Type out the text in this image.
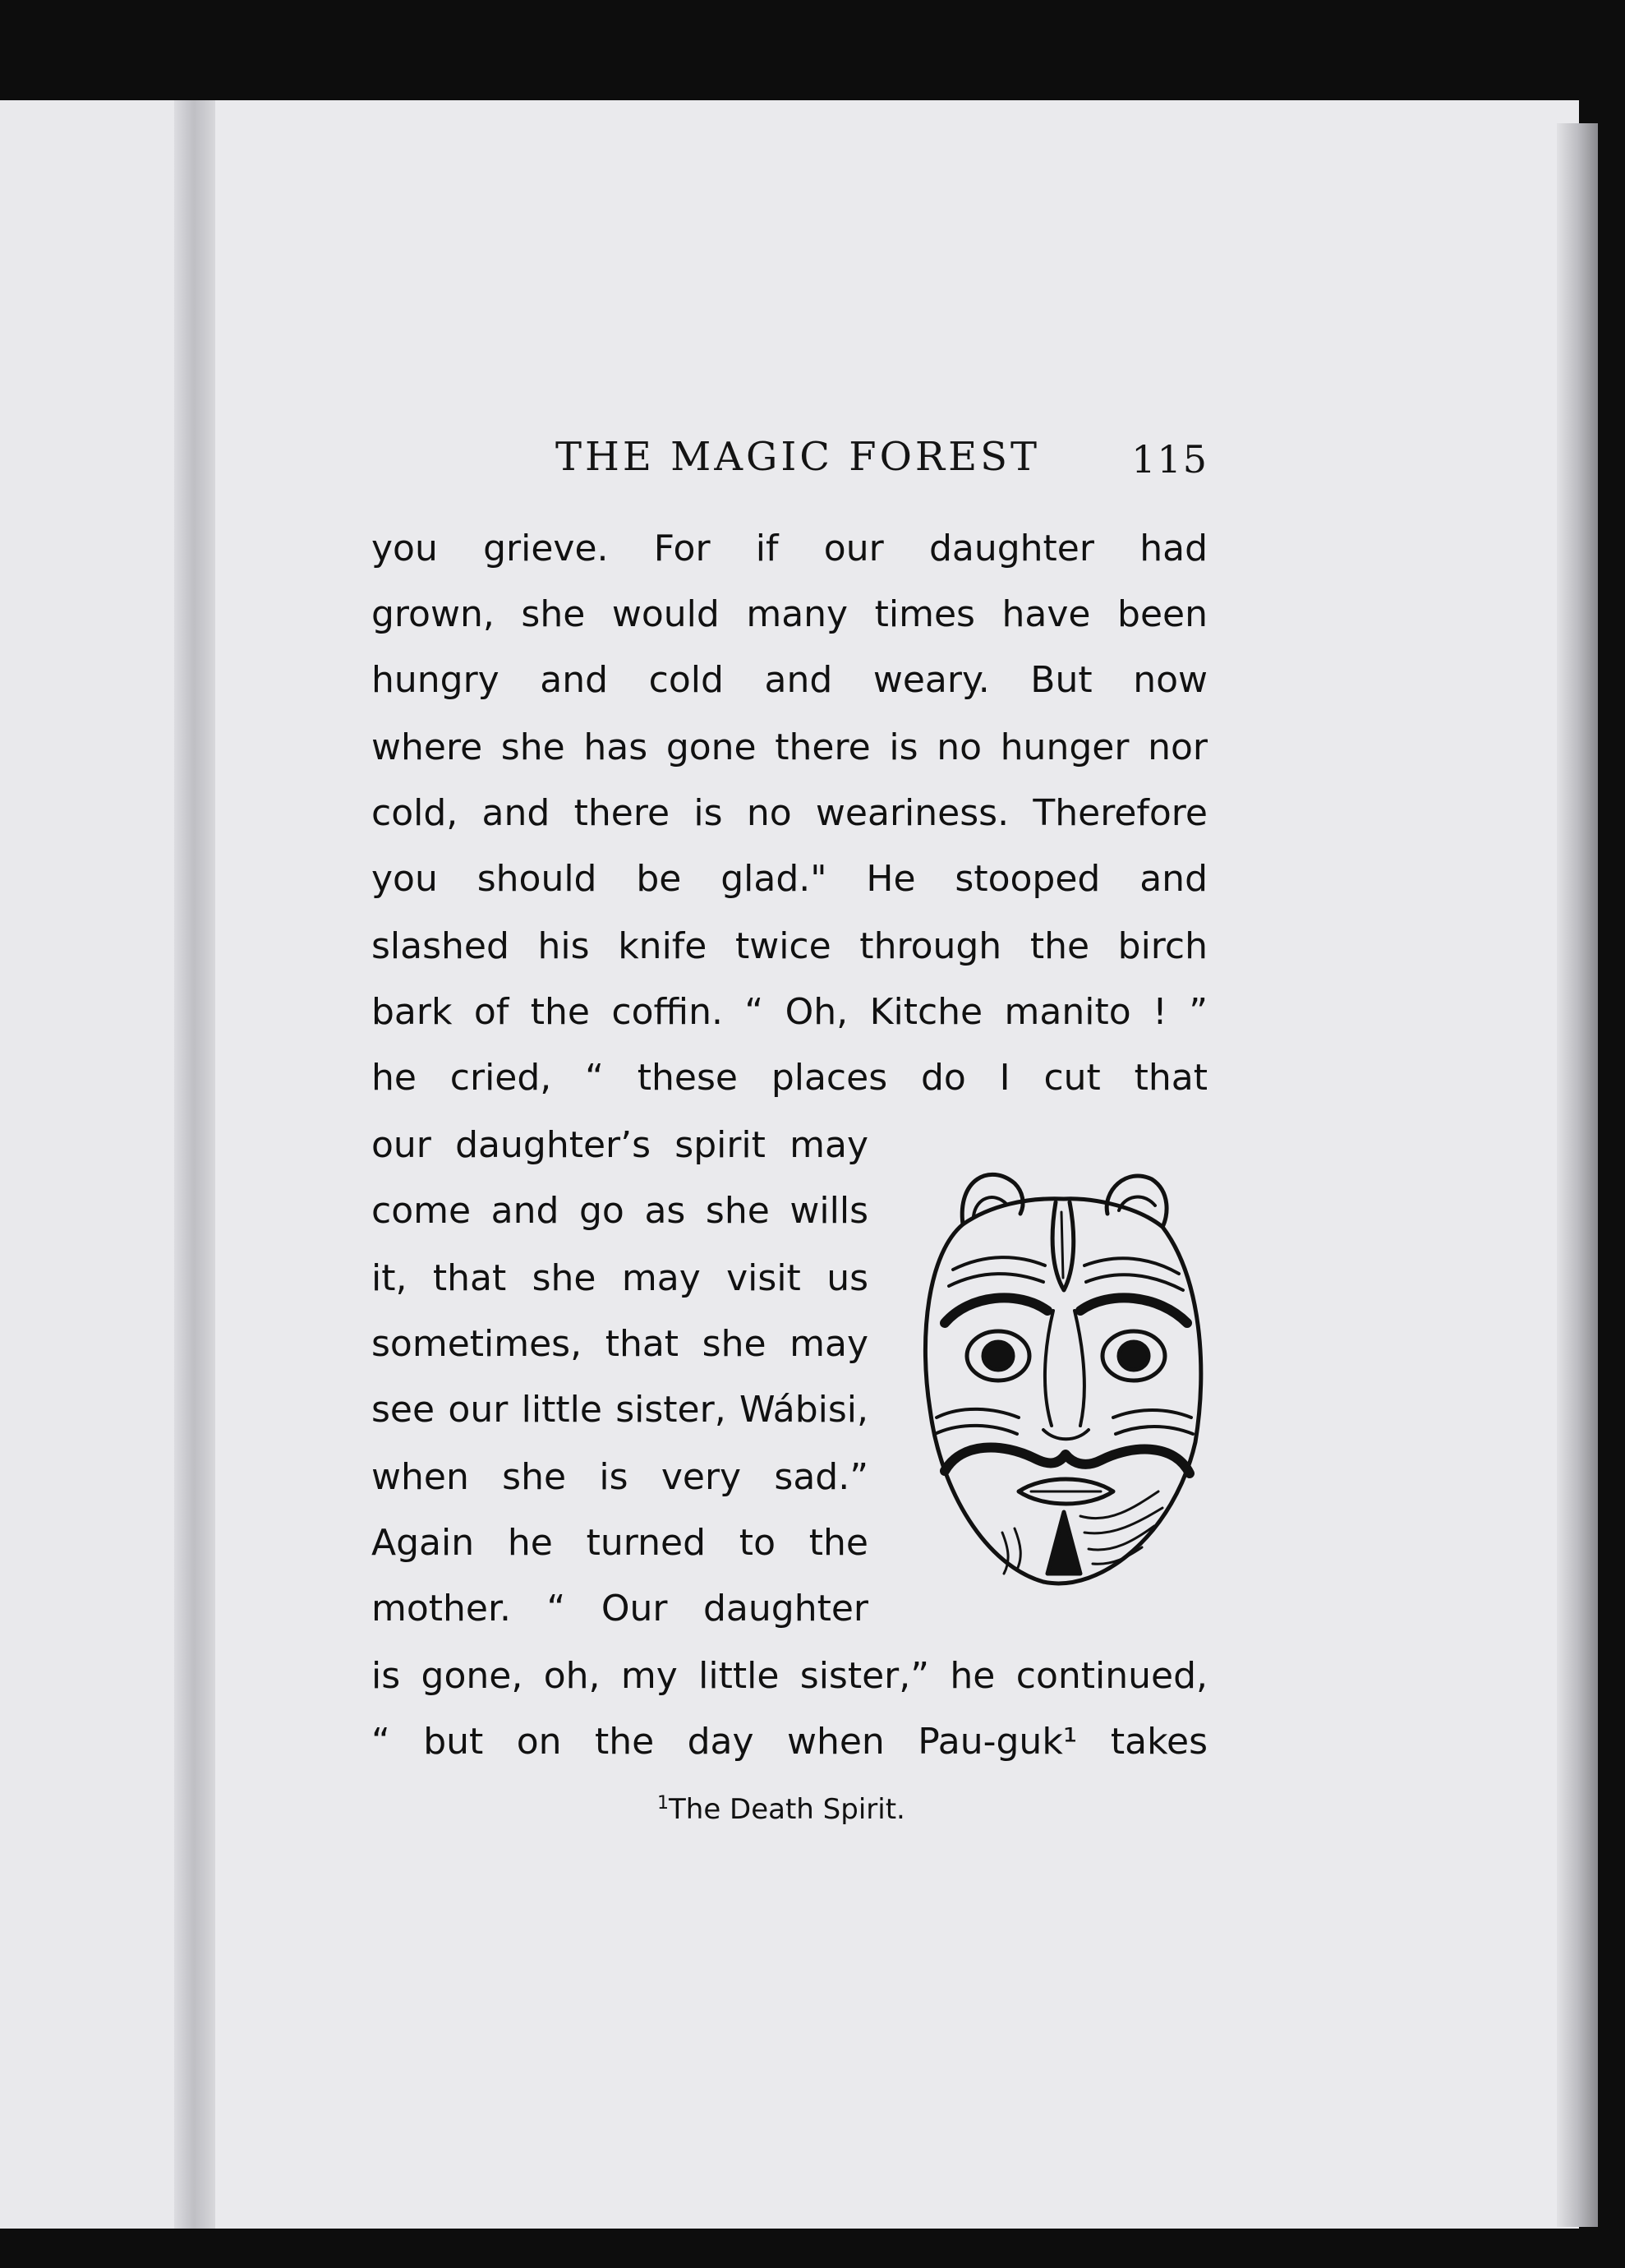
THE MAGIC FOREST 115
you grieve. For if our daughter had
grown, she would many times have been
hungry and cold and weary. But now
where she has gone there is no hunger nor
cold, and there is no weariness. Therefore
you should be glad." He stooped and
slashed his knife twice through the birch
bark of the coffin. “ Oh, Kitche manito ! ”
he cried, “ these places do I cut that
our daughter’s spirit may
come and go as she wills
it, that she may visit us
sometimes, that she may
see our little sister, Wábisi,
when she is very sad.”
Again he turned to the
mother. “ Our daughter
is gone, oh, my little sister,” he continued,
“ but on the day when Pau-guk¹ takes
$^1$The Death Spirit.
